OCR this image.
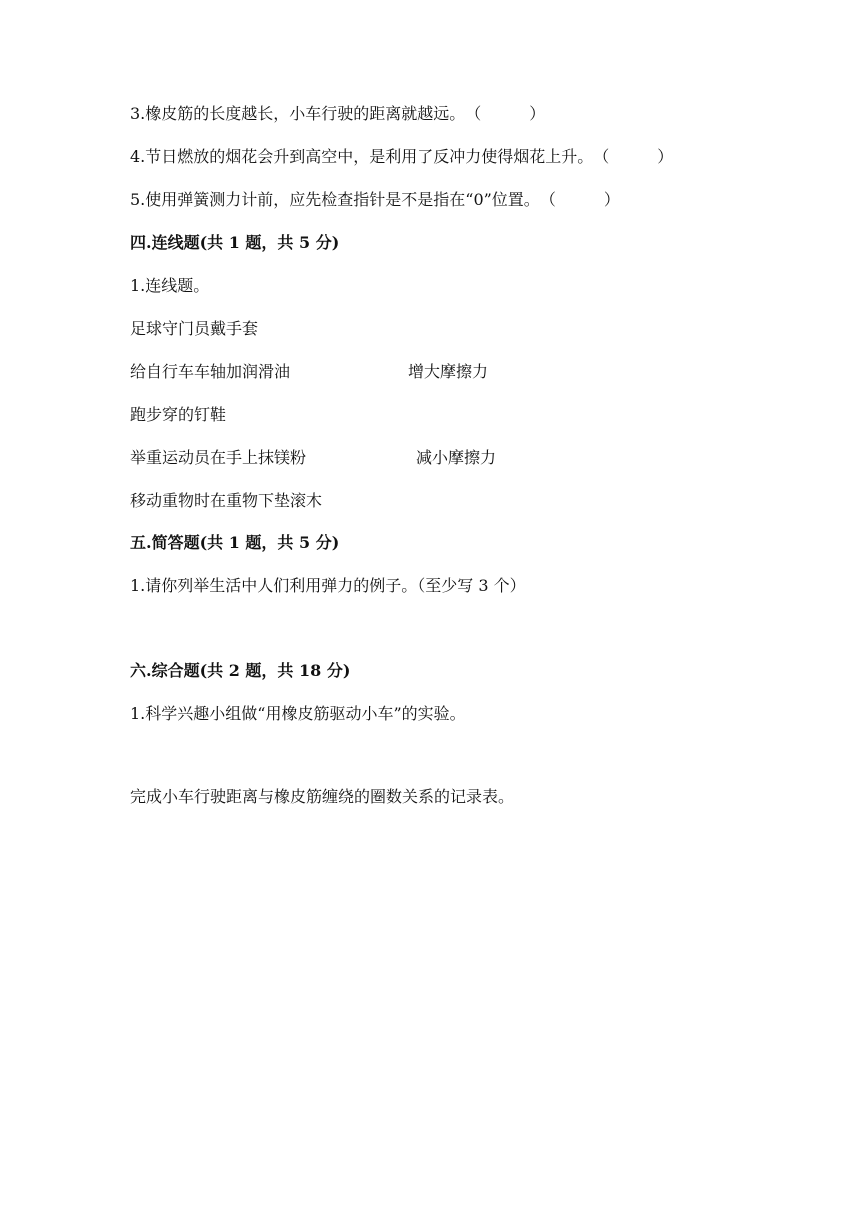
3.橡皮筋的长度越长，小车行驶的距离就越远。（　　　）
4.节日燃放的烟花会升到高空中，是利用了反冲力使得烟花上升。（　　　）
5.使用弹簧测力计前，应先检查指针是不是指在“0”位置。（　　　）
四.连线题(共 1 题，共 5 分)
1.连线题。
足球守门员戴手套
给自行车车轴加润滑油	增大摩擦力
跑步穿的钉鞋
举重运动员在手上抹镁粉	减小摩擦力
移动重物时在重物下垫滚木
五.简答题(共 1 题，共 5 分)
1.请你列举生活中人们利用弹力的例子。（至少写 3 个）
六.综合题(共 2 题，共 18 分)
1.科学兴趣小组做“用橡皮筋驱动小车”的实验。
完成小车行驶距离与橡皮筋缠绕的圈数关系的记录表。
